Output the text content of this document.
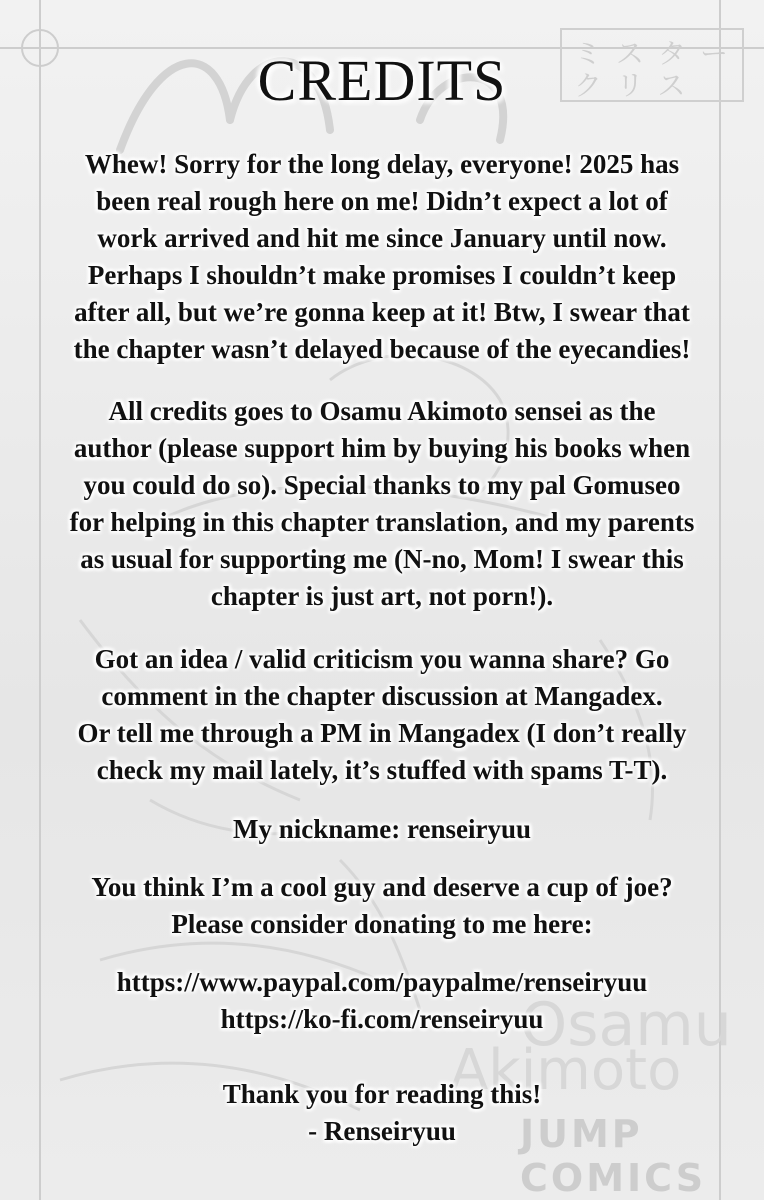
ミスター
クリス
Osamu
Akimoto
JUMP COMICS
CREDITS
Whew! Sorry for the long delay, everyone! 2025 has
been real rough here on me! Didn’t expect a lot of
work arrived and hit me since January until now.
Perhaps I shouldn’t make promises I couldn’t keep
after all, but we’re gonna keep at it! Btw, I swear that
the chapter wasn’t delayed because of the eyecandies!
All credits goes to Osamu Akimoto sensei as the
author (please support him by buying his books when
you could do so). Special thanks to my pal Gomuseo
for helping in this chapter translation, and my parents
as usual for supporting me (N-no, Mom! I swear this
chapter is just art, not porn!).
Got an idea / valid criticism you wanna share? Go
comment in the chapter discussion at Mangadex.
Or tell me through a PM in Mangadex (I don’t really
check my mail lately, it’s stuffed with spams T-T).
My nickname: renseiryuu
You think I’m a cool guy and deserve a cup of joe?
Please consider donating to me here:
https://www.paypal.com/paypalme/renseiryuu
https://ko-fi.com/renseiryuu
Thank you for reading this!
- Renseiryuu
